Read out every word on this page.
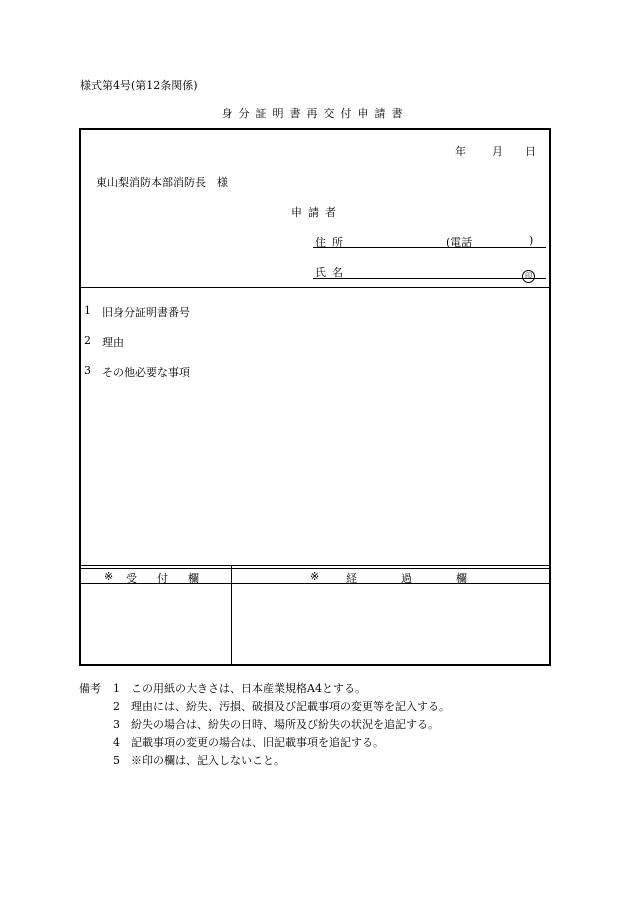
様式第4号(第12条関係)
身分証明書再交付申請書
年 月 日
東山梨消防本部消防長　様
申請者
住所	(電話	)
氏名	印
1 旧身分証明書番号
2 理由
3 その他必要な事項
※ 受付欄	※ 経過欄
備考 1 この用紙の大きさは、日本産業規格A4とする。
2 理由には、紛失、汚損、破損及び記載事項の変更等を記入する。
3 紛失の場合は、紛失の日時、場所及び紛失の状況を追記する。
4 記載事項の変更の場合は、旧記載事項を追記する。
5 ※印の欄は、記入しないこと。
